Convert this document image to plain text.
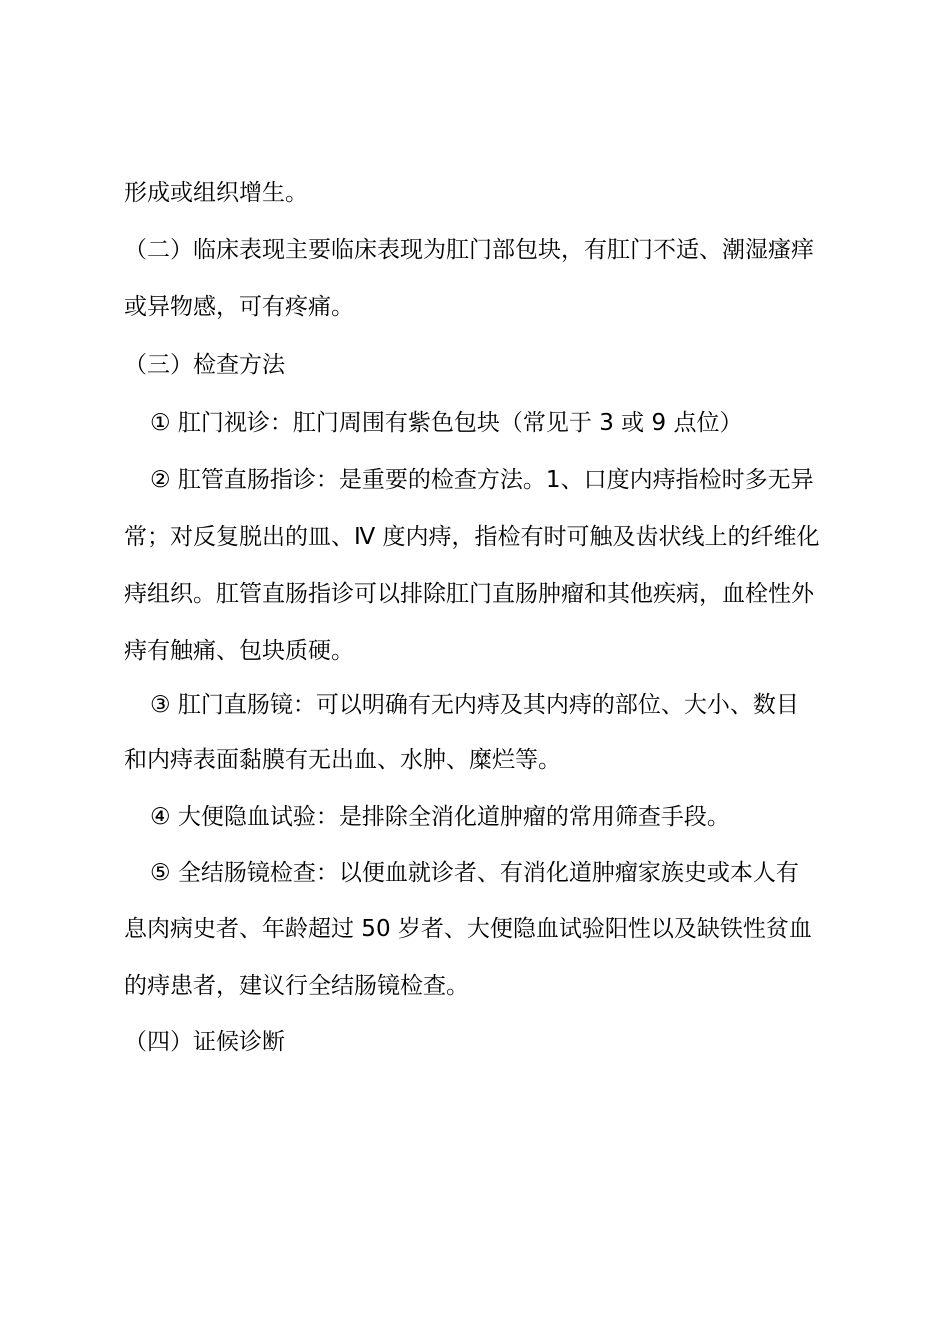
形成或组织增生。
（二）临床表现主要临床表现为肛门部包块，有肛门不适、潮湿瘙痒
或异物感，可有疼痛。
（三）检查方法
① 肛门视诊：肛门周围有紫色包块（常见于 3 或 9 点位）
② 肛管直肠指诊：是重要的检查方法。1、口度内痔指检时多无异
常；对反复脱出的皿、Ⅳ 度内痔，指检有时可触及齿状线上的纤维化
痔组织。肛管直肠指诊可以排除肛门直肠肿瘤和其他疾病，血栓性外
痔有触痛、包块质硬。
③ 肛门直肠镜：可以明确有无内痔及其内痔的部位、大小、数目
和内痔表面黏膜有无出血、水肿、糜烂等。
④ 大便隐血试验：是排除全消化道肿瘤的常用筛查手段。
⑤ 全结肠镜检查：以便血就诊者、有消化道肿瘤家族史或本人有
息肉病史者、年龄超过 50 岁者、大便隐血试验阳性以及缺铁性贫血
的痔患者，建议行全结肠镜检查。
（四）证候诊断
